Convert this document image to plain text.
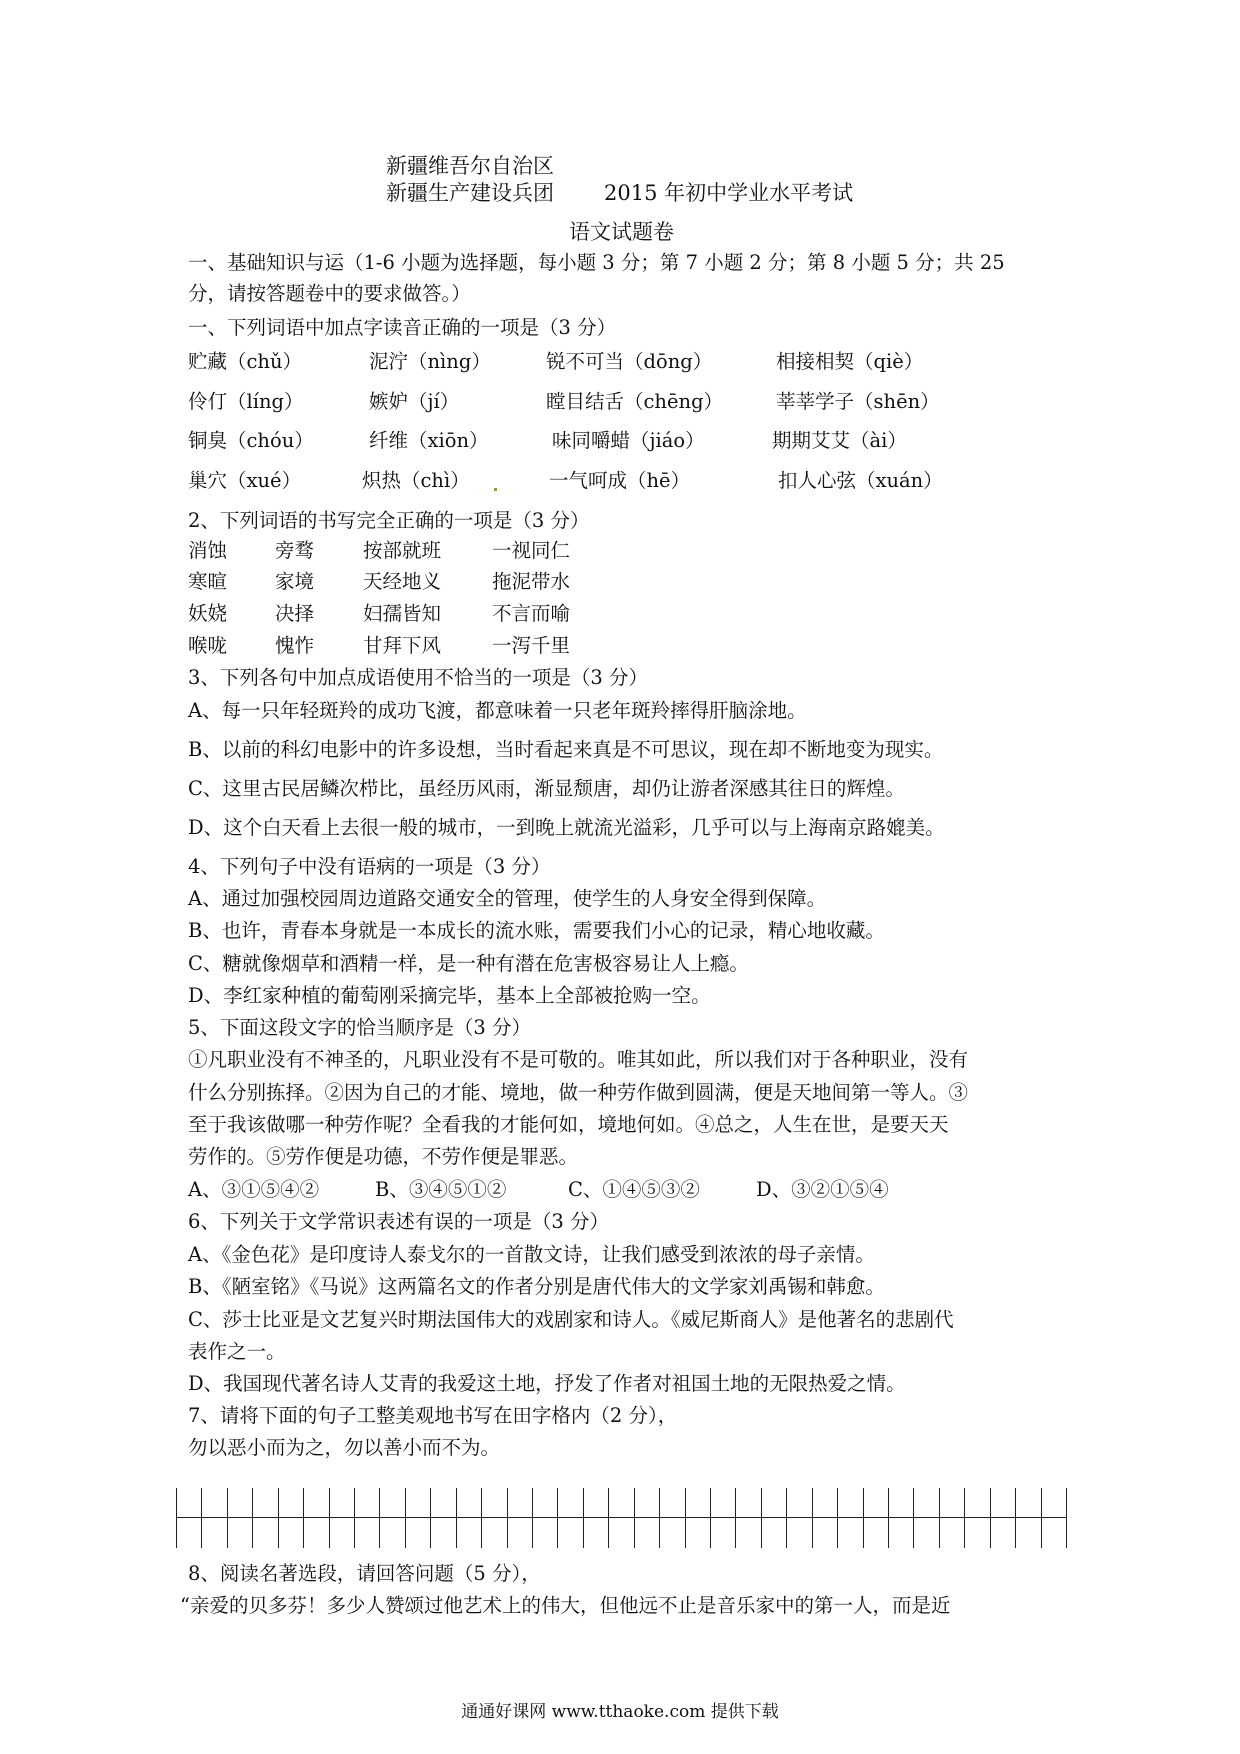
新疆维吾尔自治区
新疆生产建设兵团 2015 年初中学业水平考试
语文试题卷
一、基础知识与运（1-6 小题为选择题，每小题 3 分；第 7 小题 2 分；第 8 小题 5 分；共 25
分，请按答题卷中的要求做答。）
一、下列词语中加点字读音正确的一项是（3 分）
贮藏（chǔ）	泥泞（nìng）	锐不可当（dōng）	相接相契（qiè）
伶仃（líng）	嫉妒（jí）	瞠目结舌（chēng）	莘莘学子（shēn）
铜臭（chóu）	纤维（xiōn）	味同嚼蜡（jiáo）	期期艾艾（ài）
巢穴（xué）	炽热（chì）	一气呵成（hē）	扣人心弦（xuán）
2、下列词语的书写完全正确的一项是（3 分）
消蚀 旁骛	按部就班	一视同仁
寒暄 家境	天经地义	拖泥带水
妖娆 决择	妇孺皆知	不言而喻
喉咙 愧怍	甘拜下风	一泻千里
3、下列各句中加点成语使用不恰当的一项是（3 分）
A、每一只年轻斑羚的成功飞渡，都意味着一只老年斑羚摔得肝脑涂地。
B、以前的科幻电影中的许多设想，当时看起来真是不可思议，现在却不断地变为现实。
C、这里古民居鳞次栉比，虽经历风雨，渐显颓唐，却仍让游者深感其往日的辉煌。
D、这个白天看上去很一般的城市，一到晚上就流光溢彩，几乎可以与上海南京路媲美。
4、下列句子中没有语病的一项是（3 分）
A、通过加强校园周边道路交通安全的管理，使学生的人身安全得到保障。
B、也许，青春本身就是一本成长的流水账，需要我们小心的记录，精心地收藏。
C、糖就像烟草和酒精一样，是一种有潜在危害极容易让人上瘾。
D、李红家种植的葡萄刚采摘完毕，基本上全部被抢购一空。
5、下面这段文字的恰当顺序是（3 分）
①凡职业没有不神圣的，凡职业没有不是可敬的。唯其如此，所以我们对于各种职业，没有
什么分别拣择。②因为自己的才能、境地，做一种劳作做到圆满，便是天地间第一等人。③
至于我该做哪一种劳作呢？全看我的才能何如，境地何如。④总之，人生在世，是要天天
劳作的。⑤劳作便是功德，不劳作便是罪恶。
A、③①⑤④②	B、③④⑤①②	C、①④⑤③②	D、③②①⑤④
6、下列关于文学常识表述有误的一项是（3 分）
A、《金色花》是印度诗人泰戈尔的一首散文诗，让我们感受到浓浓的母子亲情。
B、《陋室铭》《马说》这两篇名文的作者分别是唐代伟大的文学家刘禹锡和韩愈。
C、莎士比亚是文艺复兴时期法国伟大的戏剧家和诗人。《威尼斯商人》是他著名的悲剧代
表作之一。
D、我国现代著名诗人艾青的我爱这土地，抒发了作者对祖国土地的无限热爱之情。
7、请将下面的句子工整美观地书写在田字格内（2 分），
勿以恶小而为之，勿以善小而不为。
8、阅读名著选段，请回答问题（5 分），
“亲爱的贝多芬！多少人赞颂过他艺术上的伟大，但他远不止是音乐家中的第一人，而是近
通通好课网 www.tthaoke.com 提供下载
